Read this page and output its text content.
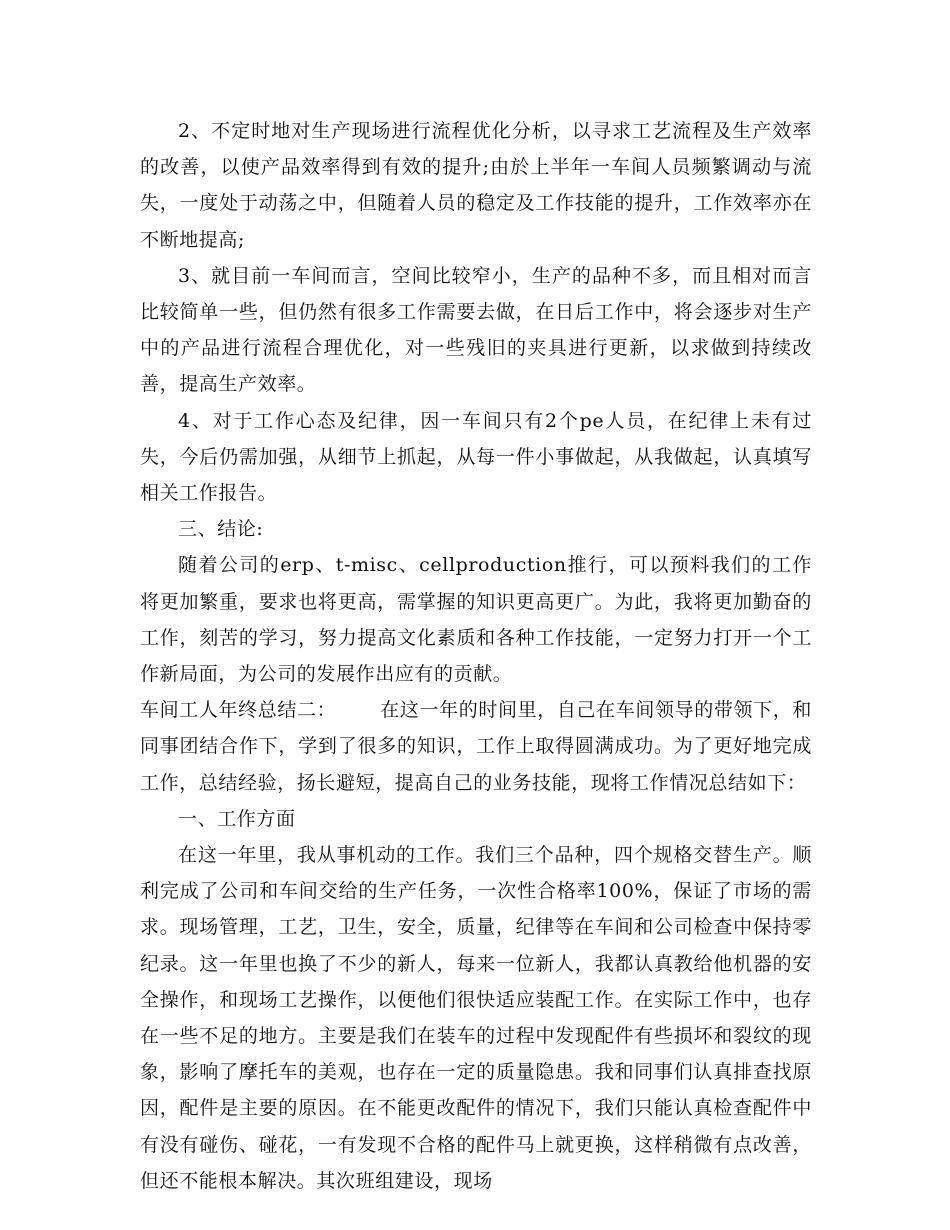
2、不定时地对生产现场进行流程优化分析，以寻求工艺流程及生产效率的改善，以使产品效率得到有效的提升;由於上半年一车间人员频繁调动与流失，一度处于动荡之中，但随着人员的稳定及工作技能的提升，工作效率亦在不断地提高;

3、就目前一车间而言，空间比较窄小，生产的品种不多，而且相对而言比较简单一些，但仍然有很多工作需要去做，在日后工作中，将会逐步对生产中的产品进行流程合理优化，对一些残旧的夹具进行更新，以求做到持续改善，提高生产效率。

4、对于工作心态及纪律，因一车间只有2个pe人员，在纪律上未有过失，今后仍需加强，从细节上抓起，从每一件小事做起，从我做起，认真填写相关工作报告。

三、结论:

随着公司的erp、t-misc、cellproduction推行，可以预料我们的工作将更加繁重，要求也将更高，需掌握的知识更高更广。为此，我将更加勤奋的工作，刻苦的学习，努力提高文化素质和各种工作技能，一定努力打开一个工作新局面，为公司的发展作出应有的贡献。

车间工人年终总结二： 在这一年的时间里，自己在车间领导的带领下，和同事团结合作下，学到了很多的知识，工作上取得圆满成功。为了更好地完成工作，总结经验，扬长避短，提高自己的业务技能，现将工作情况总结如下：

一、工作方面

在这一年里，我从事机动的工作。我们三个品种，四个规格交替生产。顺利完成了公司和车间交给的生产任务，一次性合格率100%，保证了市场的需求。现场管理，工艺，卫生，安全，质量，纪律等在车间和公司检查中保持零纪录。这一年里也换了不少的新人，每来一位新人，我都认真教给他机器的安全操作，和现场工艺操作，以便他们很快适应装配工作。在实际工作中，也存在一些不足的地方。主要是我们在装车的过程中发现配件有些损坏和裂纹的现象，影响了摩托车的美观，也存在一定的质量隐患。我和同事们认真排查找原因，配件是主要的原因。在不能更改配件的情况下，我们只能认真检查配件中有没有碰伤、碰花，一有发现不合格的配件马上就更换，这样稍微有点改善，但还不能根本解决。其次班组建设，现场
